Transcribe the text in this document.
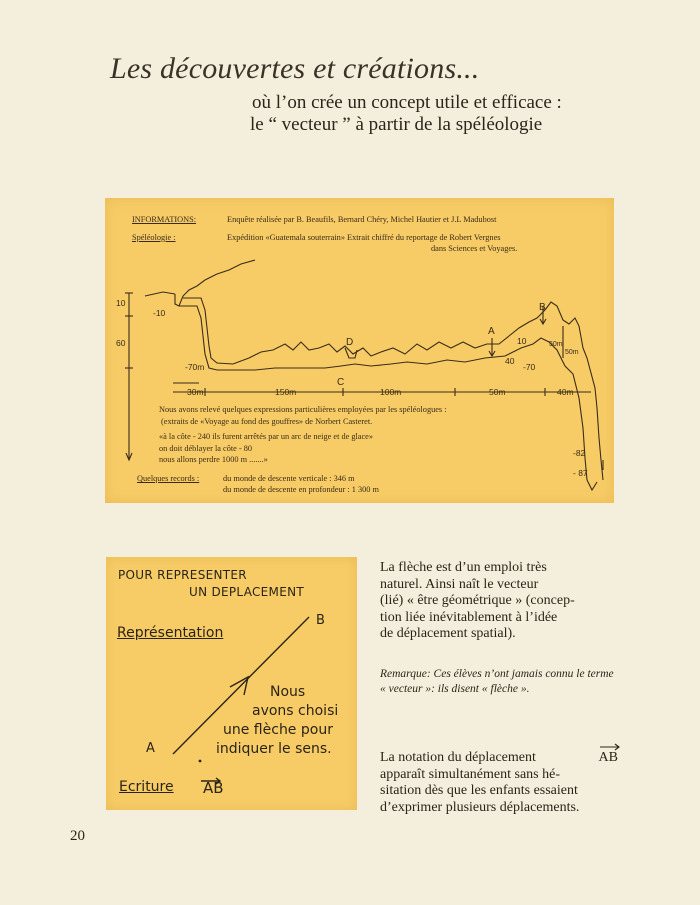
Les découvertes et créations...
où l’on crée un concept utile et efficace :
le “ vecteur ” à partir de la spéléologie
INFORMATIONS:	Enquête réalisée par B. Beaufils, Bernard Chéry, Michel Hautier et J.L Madubost
Spéléologie :	Expédition «Guatemala souterrain» Extrait chiffré du reportage de Robert Vergnes
dans Sciences et Voyages.
10
60
-10
-70m
D
C
A
B
10
40
-70
50m
50m
30m	150m	100m	50m	40m
-82
- 87
Nous avons relevé quelques expressions particulières employées par les spéléologues :
(extraits de «Voyage au fond des gouffres» de Norbert Casteret.
«à la côte - 240 ils furent arrêtés par un arc de neige et de glace»
on doit déblayer la côte - 80
nous allons perdre 1000 m .......»
Quelques records :	du monde de descente verticale : 346 m
du monde de descente en profondeur : 1 300 m
POUR REPRESENTER
UN DEPLACEMENT
Représentation
B
A
Nous
avons choisi
une flèche pour
indiquer le sens.
Ecriture AB
La flèche est d’un emploi très
naturel. Ainsi naît le vecteur
(lié) « être géométrique » (concep-
tion liée inévitablement à l’idée
de déplacement spatial).
Remarque: Ces élèves n’ont jamais connu le terme « vecteur »: ils disent « flèche ».
La notation du déplacement	AB
apparaît simultanément sans hé-
sitation dès que les enfants essaient
d’exprimer plusieurs déplacements.
20
